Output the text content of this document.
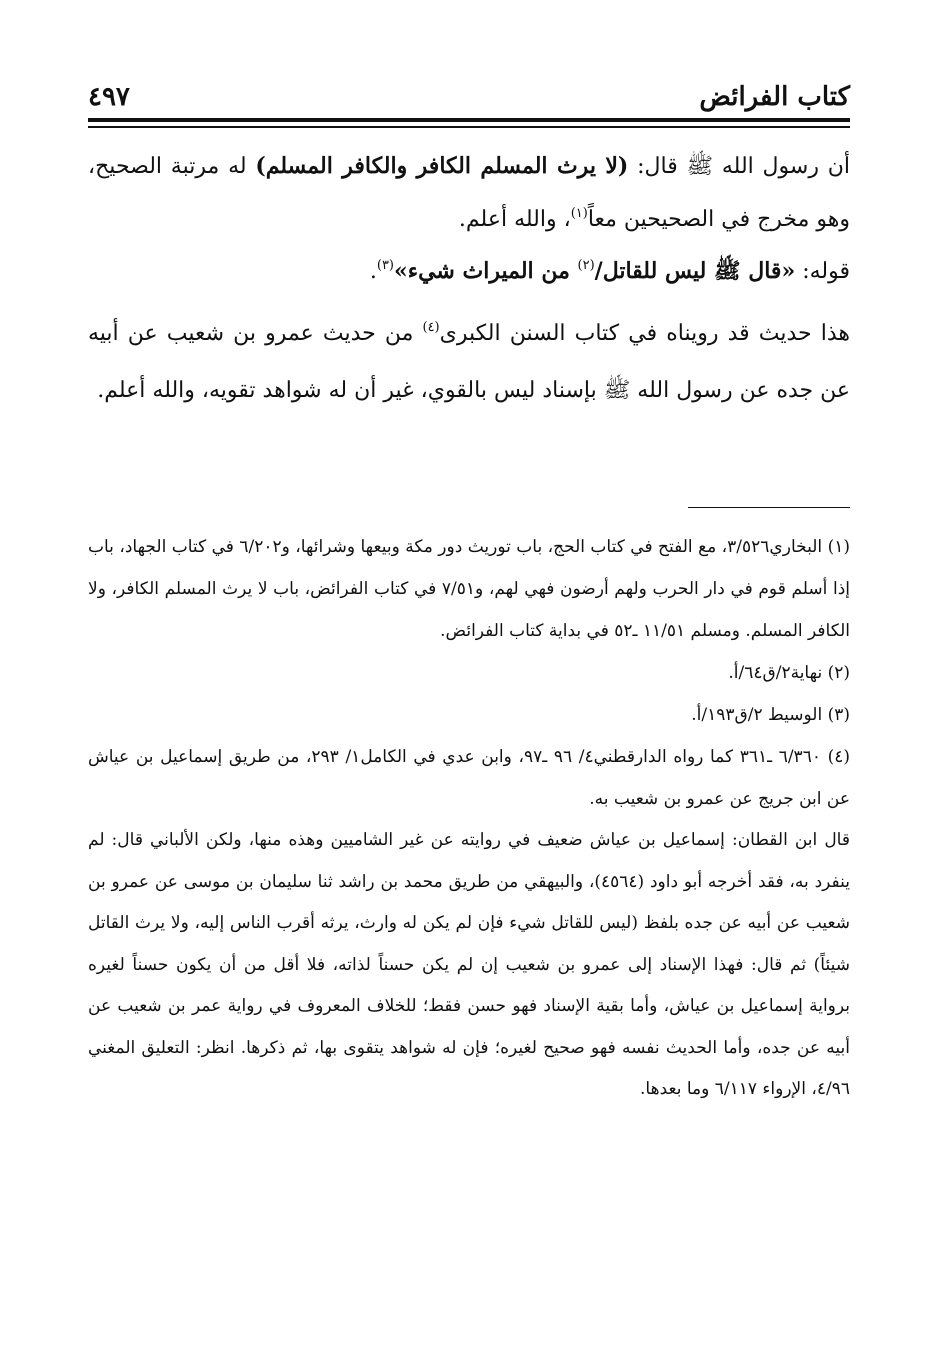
كتاب الفرائض
٤٩٧

أن رسول الله ﷺ قال: (لا يرث المسلم الكافر والكافر المسلم) له مرتبة الصحيح، وهو مخرج في الصحيحين معاً$^{(١)}$، والله أعلم.

قوله: «قال ﷺ ليس للقاتل/$^{(٢)}$ من الميراث شيء»$^{(٣)}$.

هذا حديث قد رويناه في كتاب السنن الكبرى$^{(٤)}$ من حديث عمرو بن شعيب عن أبيه عن جده عن رسول الله ﷺ بإسناد ليس بالقوي، غير أن له شواهد تقويه، والله أعلم.

(١) البخاري٣/٥٢٦، مع الفتح في كتاب الحج، باب توريث دور مكة وبيعها وشرائها، و٦/٢٠٢ في كتاب الجهاد، باب إذا أسلم قوم في دار الحرب ولهم أرضون فهي لهم، و٧/٥١ في كتاب الفرائض، باب لا يرث المسلم الكافر، ولا الكافر المسلم. ومسلم ١١/٥١ ـ٥٢ في بداية كتاب الفرائض.

(٢) نهاية٢/ق٦٤/أ.

(٣) الوسيط ٢/ق١٩٣/أ.

(٤) ٦/٣٦٠ ـ٣٦١ كما رواه الدارقطني٤/ ٩٦ ـ٩٧، وابن عدي في الكامل١/ ٢٩٣، من طريق إسماعيل بن عياش عن ابن جريج عن عمرو بن شعيب به.

قال ابن القطان: إسماعيل بن عياش ضعيف في روايته عن غير الشاميين وهذه منها، ولكن الألباني قال: لم ينفرد به، فقد أخرجه أبو داود (٤٥٦٤)، والبيهقي من طريق محمد بن راشد ثنا سليمان بن موسى عن عمرو بن شعيب عن أبيه عن جده بلفظ (ليس للقاتل شيء فإن لم يكن له وارث، يرثه أقرب الناس إليه، ولا يرث القاتل شيئاً) ثم قال: فهذا الإسناد إلى عمرو بن شعيب إن لم يكن حسناً لذاته، فلا أقل من أن يكون حسناً لغيره برواية إسماعيل بن عياش، وأما بقية الإسناد فهو حسن فقط؛ للخلاف المعروف في رواية عمر بن شعيب عن أبيه عن جده، وأما الحديث نفسه فهو صحيح لغيره؛ فإن له شواهد يتقوى بها، ثم ذكرها. انظر: التعليق المغني ٤/٩٦، الإرواء ٦/١١٧ وما بعدها.
